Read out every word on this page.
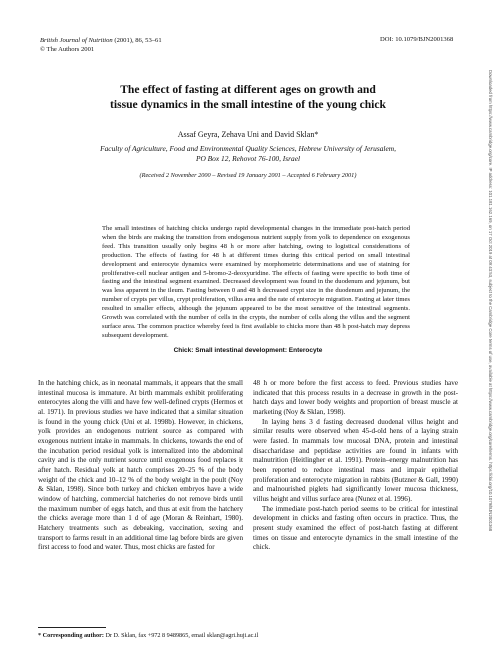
British Journal of Nutrition (2001), 86, 53–61
© The Authors 2001
DOI: 10.1079/BJN2001368
Downloaded from https://www.cambridge.org/core. IP address: 101.181.162.169, on 17 Oct 2019 at 09:43:53, subject to the Cambridge Core terms of use, available at https://www.cambridge.org/core/terms. https://doi.org/10.1079/BJN2001368
The effect of fasting at different ages on growth and
tissue dynamics in the small intestine of the young chick
Assaf Geyra, Zehava Uni and David Sklan*
Faculty of Agriculture, Food and Environmental Quality Sciences, Hebrew University of Jerusalem,
PO Box 12, Rehovot 76-100, Israel
(Received 2 November 2000 – Revised 19 January 2001 – Accepted 6 February 2001)
The small intestines of hatching chicks undergo rapid developmental changes in the immediate post-hatch period when the birds are making the transition from endogenous nutrient supply from yolk to dependence on exogenous feed. This transition usually only begins 48 h or more after hatching, owing to logistical considerations of production. The effects of fasting for 48 h at different times during this critical period on small intestinal development and enterocyte dynamics were examined by morphometric determinations and use of staining for proliferative-cell nuclear antigen and 5-bromo-2-deoxyuridine. The effects of fasting were specific to both time of fasting and the intestinal segment examined. Decreased development was found in the duodenum and jejunum, but was less apparent in the ileum. Fasting between 0 and 48 h decreased crypt size in the duodenum and jejunum, the number of crypts per villus, crypt proliferation, villus area and the rate of enterocyte migration. Fasting at later times resulted in smaller effects, although the jejunum appeared to be the most sensitive of the intestinal segments. Growth was correlated with the number of cells in the crypts, the number of cells along the villus and the segment surface area. The common practice whereby feed is first available to chicks more than 48 h post-hatch may depress subsequent development.
Chick: Small intestinal development: Enterocyte

In the hatching chick, as in neonatal mammals, it appears that the small intestinal mucosa is immature. At birth mammals exhibit proliferating enterocytes along the villi and have few well-defined crypts (Hermos et al. 1971). In previous studies we have indicated that a similar situation is found in the young chick (Uni et al. 1998b). However, in chickens, yolk provides an endogenous nutrient source as compared with exogenous nutrient intake in mammals. In chickens, towards the end of the incubation period residual yolk is internalized into the abdominal cavity and is the only nutrient source until exogenous food replaces it after hatch. Residual yolk at hatch comprises 20–25 % of the body weight of the chick and 10–12 % of the body weight in the poult (Noy & Sklan, 1998). Since both turkey and chicken embryos have a wide window of hatching, commercial hatcheries do not remove birds until the maximum number of eggs hatch, and thus at exit from the hatchery the chicks average more than 1 d of age (Moran & Reinhart, 1980). Hatchery treatments such as debeaking, vaccination, sexing and transport to farms result in an additional time lag before birds are given first access to food and water. Thus, most chicks are fasted for

48 h or more before the first access to feed. Previous studies have indicated that this process results in a decrease in growth in the post-hatch days and lower body weights and proportion of breast muscle at marketing (Noy & Sklan, 1998).

In laying hens 3 d fasting decreased duodenal villus height and similar results were observed when 45-d-old hens of a laying strain were fasted. In mammals low mucosal DNA, protein and intestinal disaccharidase and peptidase activities are found in infants with malnutrition (Heitlingher et al. 1991). Protein–energy malnutrition has been reported to reduce intestinal mass and impair epithelial proliferation and enterocyte migration in rabbits (Butzner & Gall, 1990) and malnourished piglets had significantly lower mucosa thickness, villus height and villus surface area (Nunez et al. 1996).

The immediate post-hatch period seems to be critical for intestinal development in chicks and fasting often occurs in practice. Thus, the present study examined the effect of post-hatch fasting at different times on tissue and enterocyte dynamics in the small intestine of the chick.

* Corresponding author: Dr D. Sklan, fax +972 8 9489865, email sklan@agri.huji.ac.il
